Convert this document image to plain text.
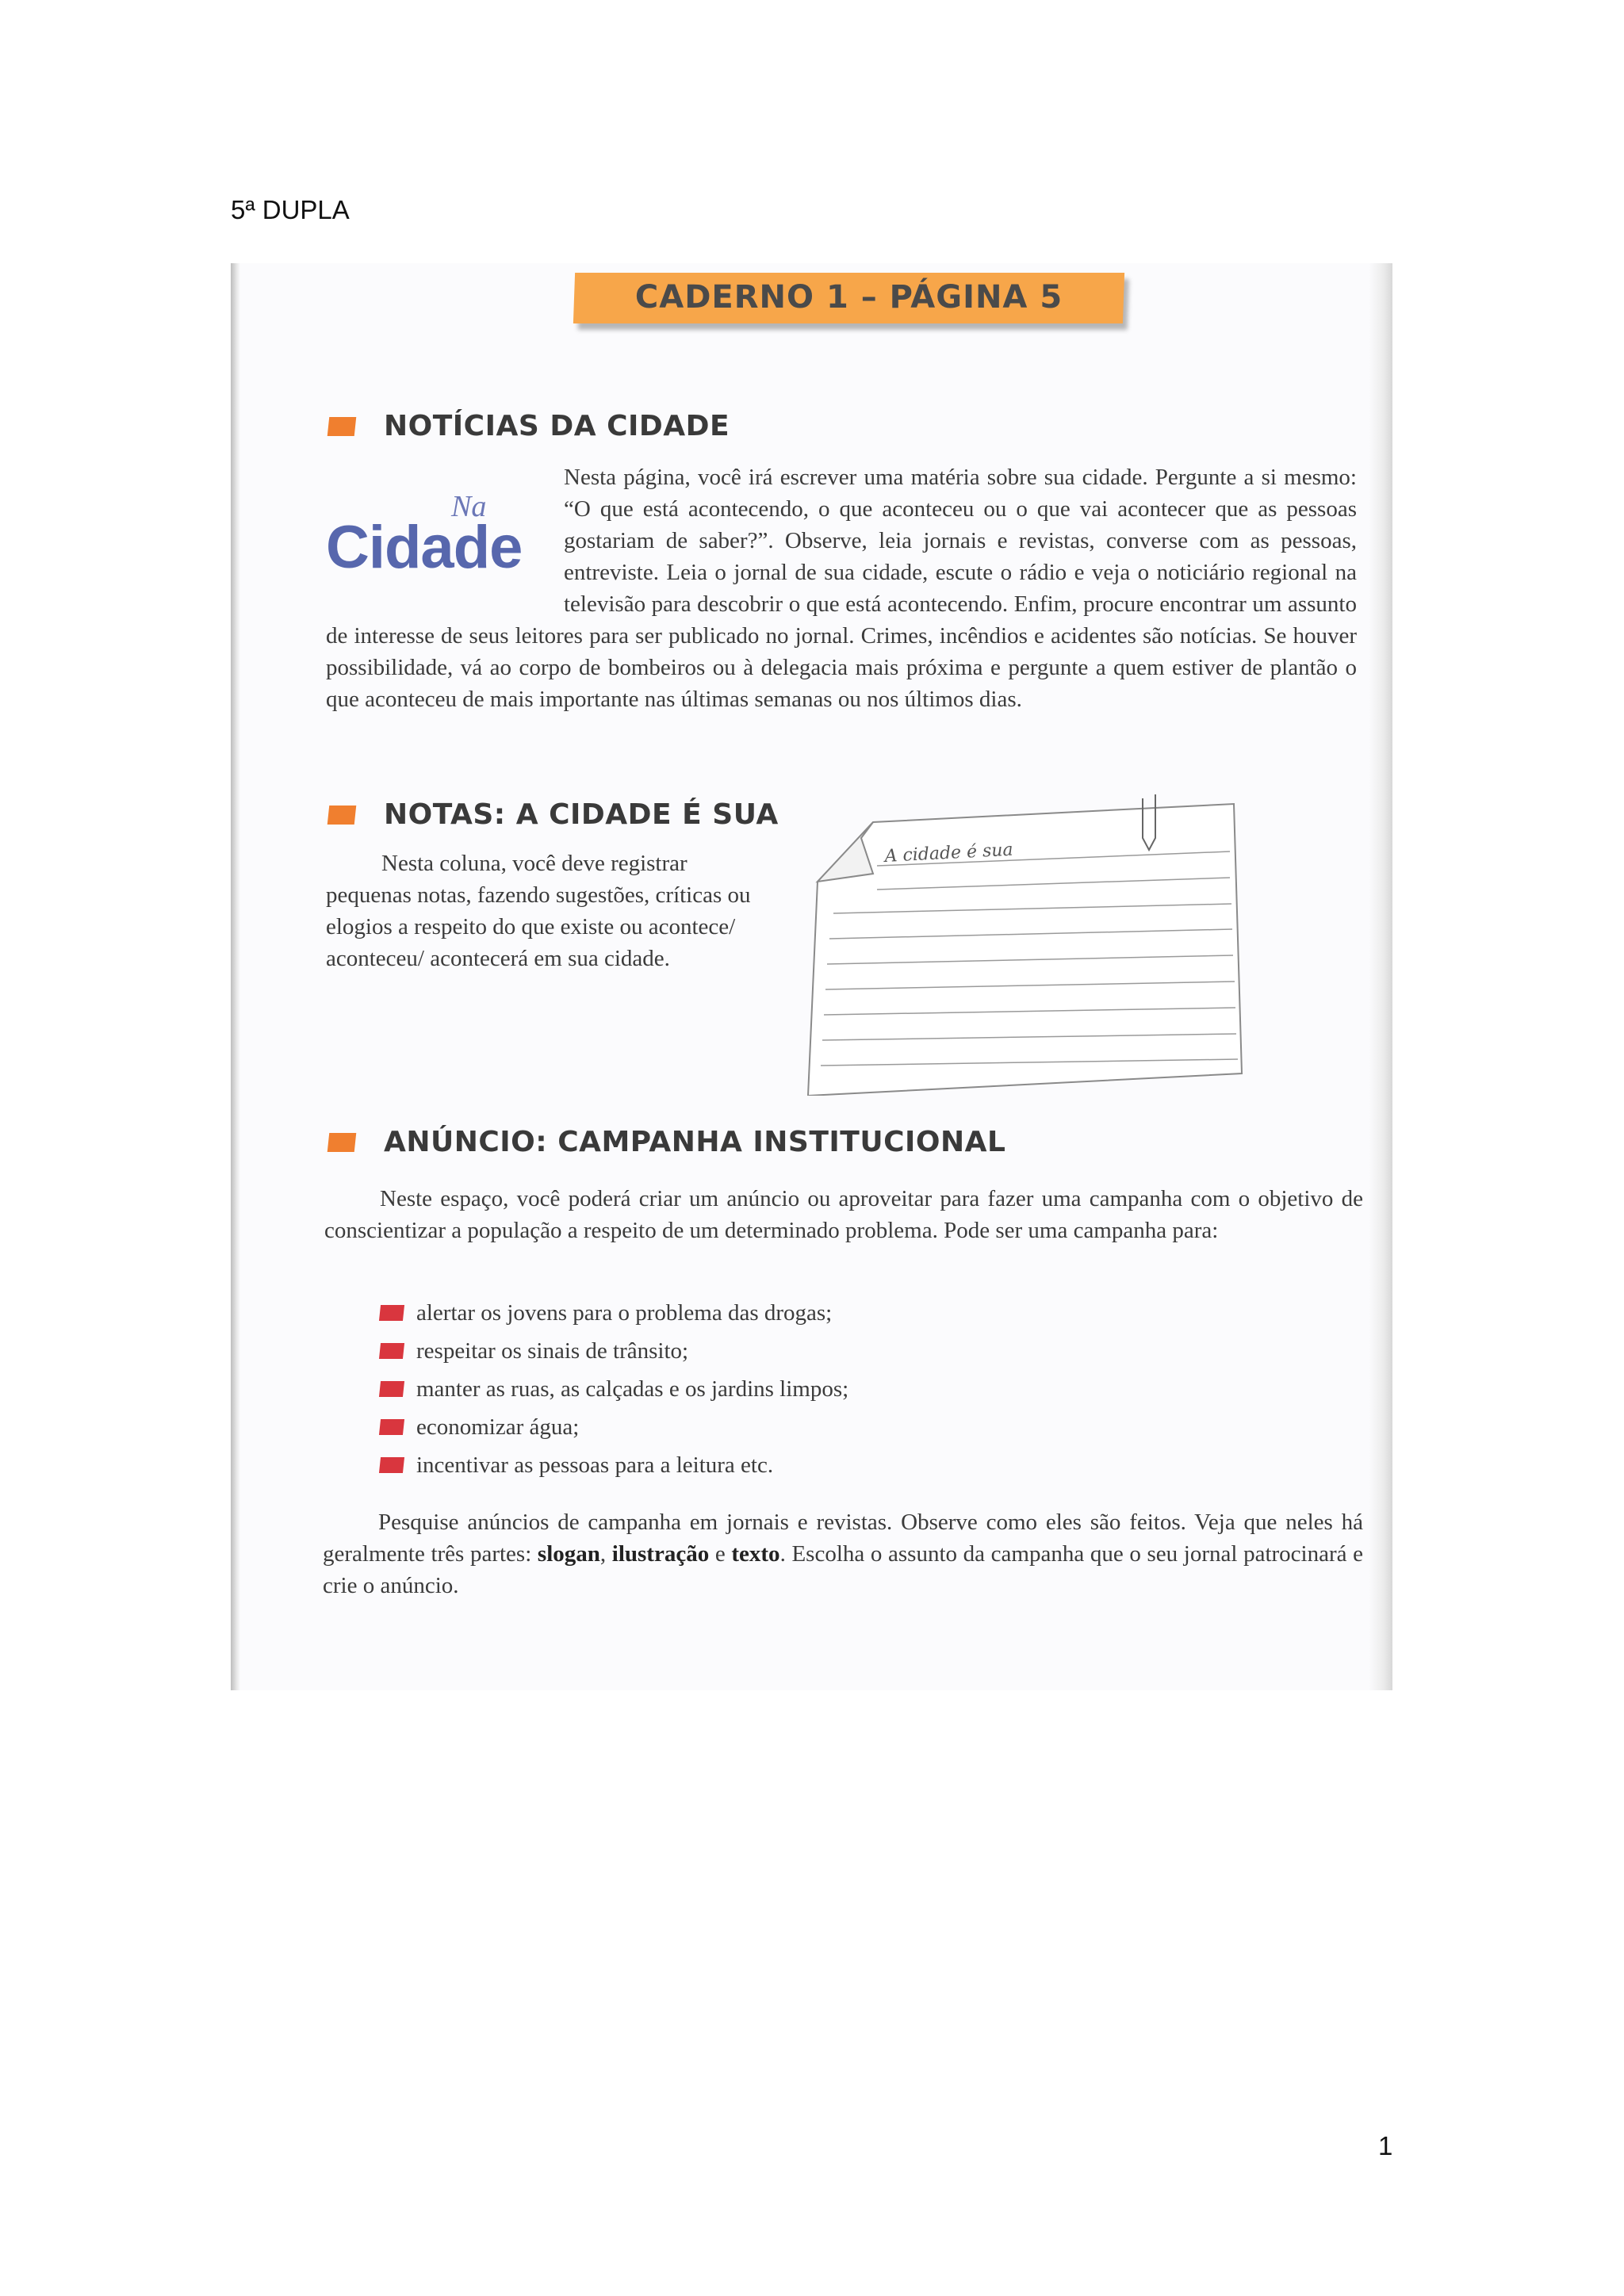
5ª DUPLA
CADERNO 1 – PÁGINA 5
NOTÍCIAS DA CIDADE
Na
Cidade

Nesta página, você irá escrever uma matéria sobre sua cidade. Pergunte a si mesmo: “O que está acontecendo, o que aconteceu ou o que vai acontecer que as pessoas gostariam de saber?”. Observe, leia jornais e revistas, converse com as pessoas, entreviste. Leia o jornal de sua cidade, escute o rádio e veja o noticiário regional na televisão para descobrir o que está acontecendo. Enfim, procure encontrar um assunto de interesse de seus leitores para ser publicado no jornal. Crimes, incêndios e acidentes são notícias. Se houver possibilidade, vá ao corpo de bombeiros ou à delegacia mais próxima e pergunte a quem estiver de plantão o que aconteceu de mais importante nas últimas semanas ou nos últimos dias.

NOTAS: A CIDADE É SUA

Nesta coluna, você deve registrar pequenas notas, fazendo sugestões, críticas ou elogios a respeito do que existe ou acontece/ aconteceu/ acontecerá em sua cidade.

A cidade é sua
ANÚNCIO: CAMPANHA INSTITUCIONAL

Neste espaço, você poderá criar um anúncio ou aproveitar para fazer uma campanha com o objetivo de conscientizar a população a respeito de um determinado problema. Pode ser uma campanha para:

alertar os jovens para o problema das drogas;
respeitar os sinais de trânsito;
manter as ruas, as calçadas e os jardins limpos;
economizar água;
incentivar as pessoas para a leitura etc.

Pesquise anúncios de campanha em jornais e revistas. Observe como eles são feitos. Veja que neles há geralmente três partes: slogan, ilustração e texto. Escolha o assunto da campanha que o seu jornal patrocinará e crie o anúncio.

1
